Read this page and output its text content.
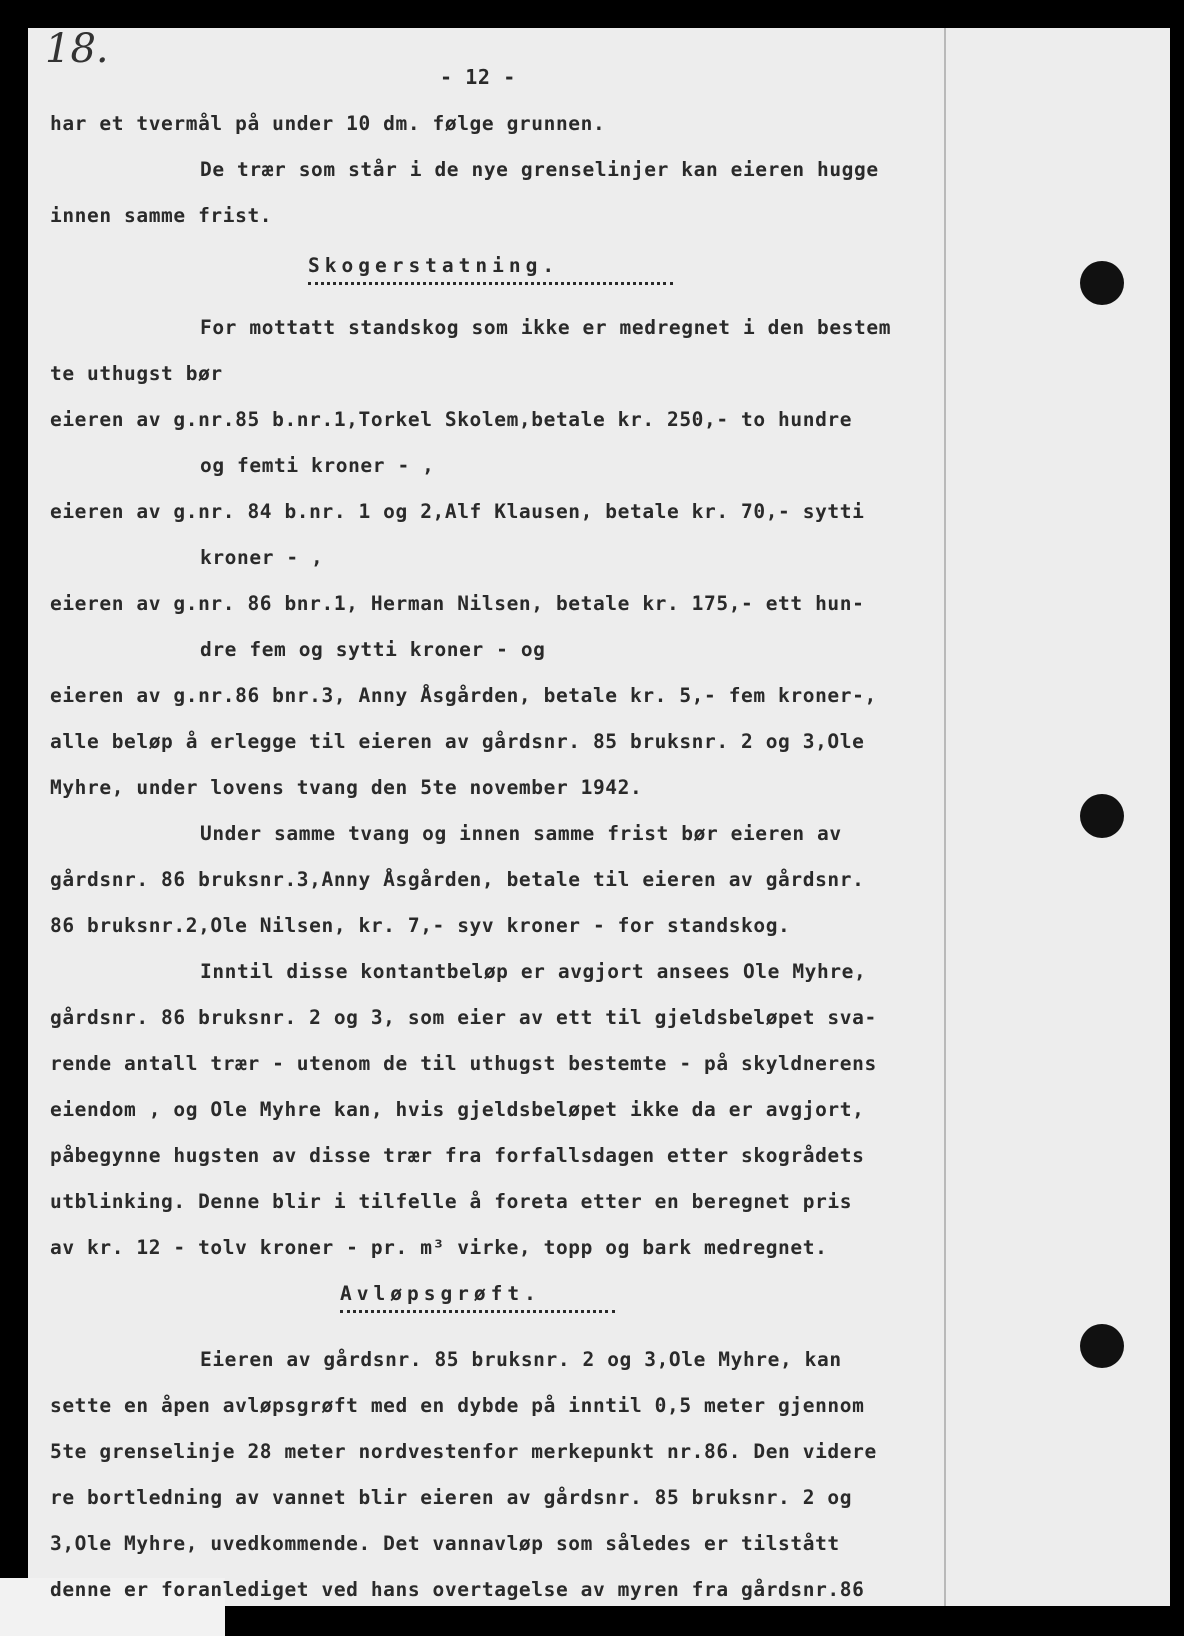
18.

- 12 -

har et tvermål på under 10 dm. følge grunnen.

De trær som står i de nye grenselinjer kan eieren hugge

innen samme frist.

Skogerstatning.

For mottatt standskog som ikke er medregnet i den bestem

te uthugst bør

eieren av g.nr.85 b.nr.1,Torkel Skolem,betale kr. 250,- to hundre

og femti kroner - ,

eieren av g.nr. 84 b.nr. 1 og 2,Alf Klausen, betale kr. 70,- sytti

kroner - ,

eieren av g.nr. 86 bnr.1, Herman Nilsen, betale kr. 175,- ett hun-

dre fem og sytti kroner - og

eieren av g.nr.86 bnr.3, Anny Åsgården, betale kr. 5,- fem kroner-,

alle beløp å erlegge til eieren av gårdsnr. 85 bruksnr. 2 og 3,Ole

Myhre, under lovens tvang den 5te november 1942.

Under samme tvang og innen samme frist bør eieren av

gårdsnr. 86 bruksnr.3,Anny Åsgården, betale til eieren av gårdsnr.

86 bruksnr.2,Ole Nilsen, kr. 7,- syv kroner - for standskog.

Inntil disse kontantbeløp er avgjort ansees Ole Myhre,

gårdsnr. 86 bruksnr. 2 og 3, som eier av ett til gjeldsbeløpet sva-

rende antall trær - utenom de til uthugst bestemte - på skyldnerens

eiendom , og Ole Myhre kan, hvis gjeldsbeløpet ikke da er avgjort,

påbegynne hugsten av disse trær fra forfallsdagen etter skogrådets

utblinking. Denne blir i tilfelle å foreta etter en beregnet pris

av kr. 12 - tolv kroner - pr. m³ virke, topp og bark medregnet.

Avløpsgrøft.

Eieren av gårdsnr. 85 bruksnr. 2 og 3,Ole Myhre, kan

sette en åpen avløpsgrøft med en dybde på inntil 0,5 meter gjennom

5te grenselinje 28 meter nordvestenfor merkepunkt nr.86. Den videre

re bortledning av vannet blir eieren av gårdsnr. 85 bruksnr. 2 og

3,Ole Myhre, uvedkommende. Det vannavløp som således er tilstått

denne er foranlediget ved hans overtagelse av myren fra gårdsnr.86
